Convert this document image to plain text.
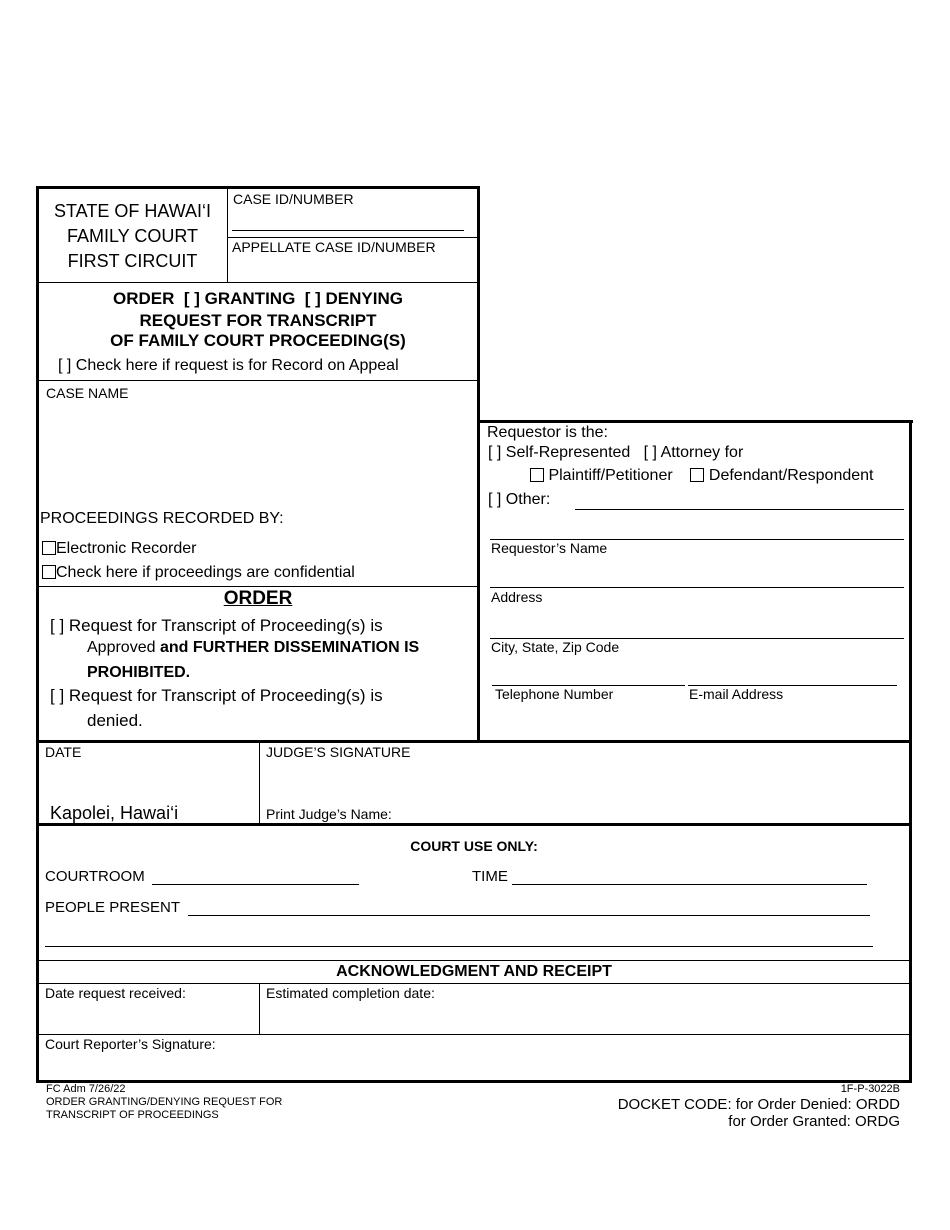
STATE OF HAWAI‘I
FAMILY COURT
FIRST CIRCUIT
CASE ID/NUMBER
APPELLATE CASE ID/NUMBER
ORDER [ ] GRANTING [ ] DENYING
REQUEST FOR TRANSCRIPT
OF FAMILY COURT PROCEEDING(S)
[ ] Check here if request is for Record on Appeal
CASE NAME
PROCEEDINGS RECORDED BY:
Electronic Recorder
Check here if proceedings are confidential
ORDER
[ ] Request for Transcript of Proceeding(s) is
Approved and FURTHER DISSEMINATION IS
PROHIBITED.
[ ] Request for Transcript of Proceeding(s) is
denied.
Requestor is the:
[ ] Self-Represented [ ] Attorney for
Plaintiff/Petitioner Defendant/Respondent
[ ] Other:
Requestor’s Name
Address
City, State, Zip Code
Telephone Number	E-mail Address
DATE
Kapolei, Hawai‘i
JUDGE’S SIGNATURE
Print Judge’s Name:
COURT USE ONLY:
COURTROOM	TIME
PEOPLE PRESENT
ACKNOWLEDGMENT AND RECEIPT
Date request received:	Estimated completion date:
Court Reporter’s Signature:
FC Adm 7/26/22
ORDER GRANTING/DENYING REQUEST FOR
TRANSCRIPT OF PROCEEDINGS
1F-P-3022B
DOCKET CODE: for Order Denied: ORDD
for Order Granted: ORDG
